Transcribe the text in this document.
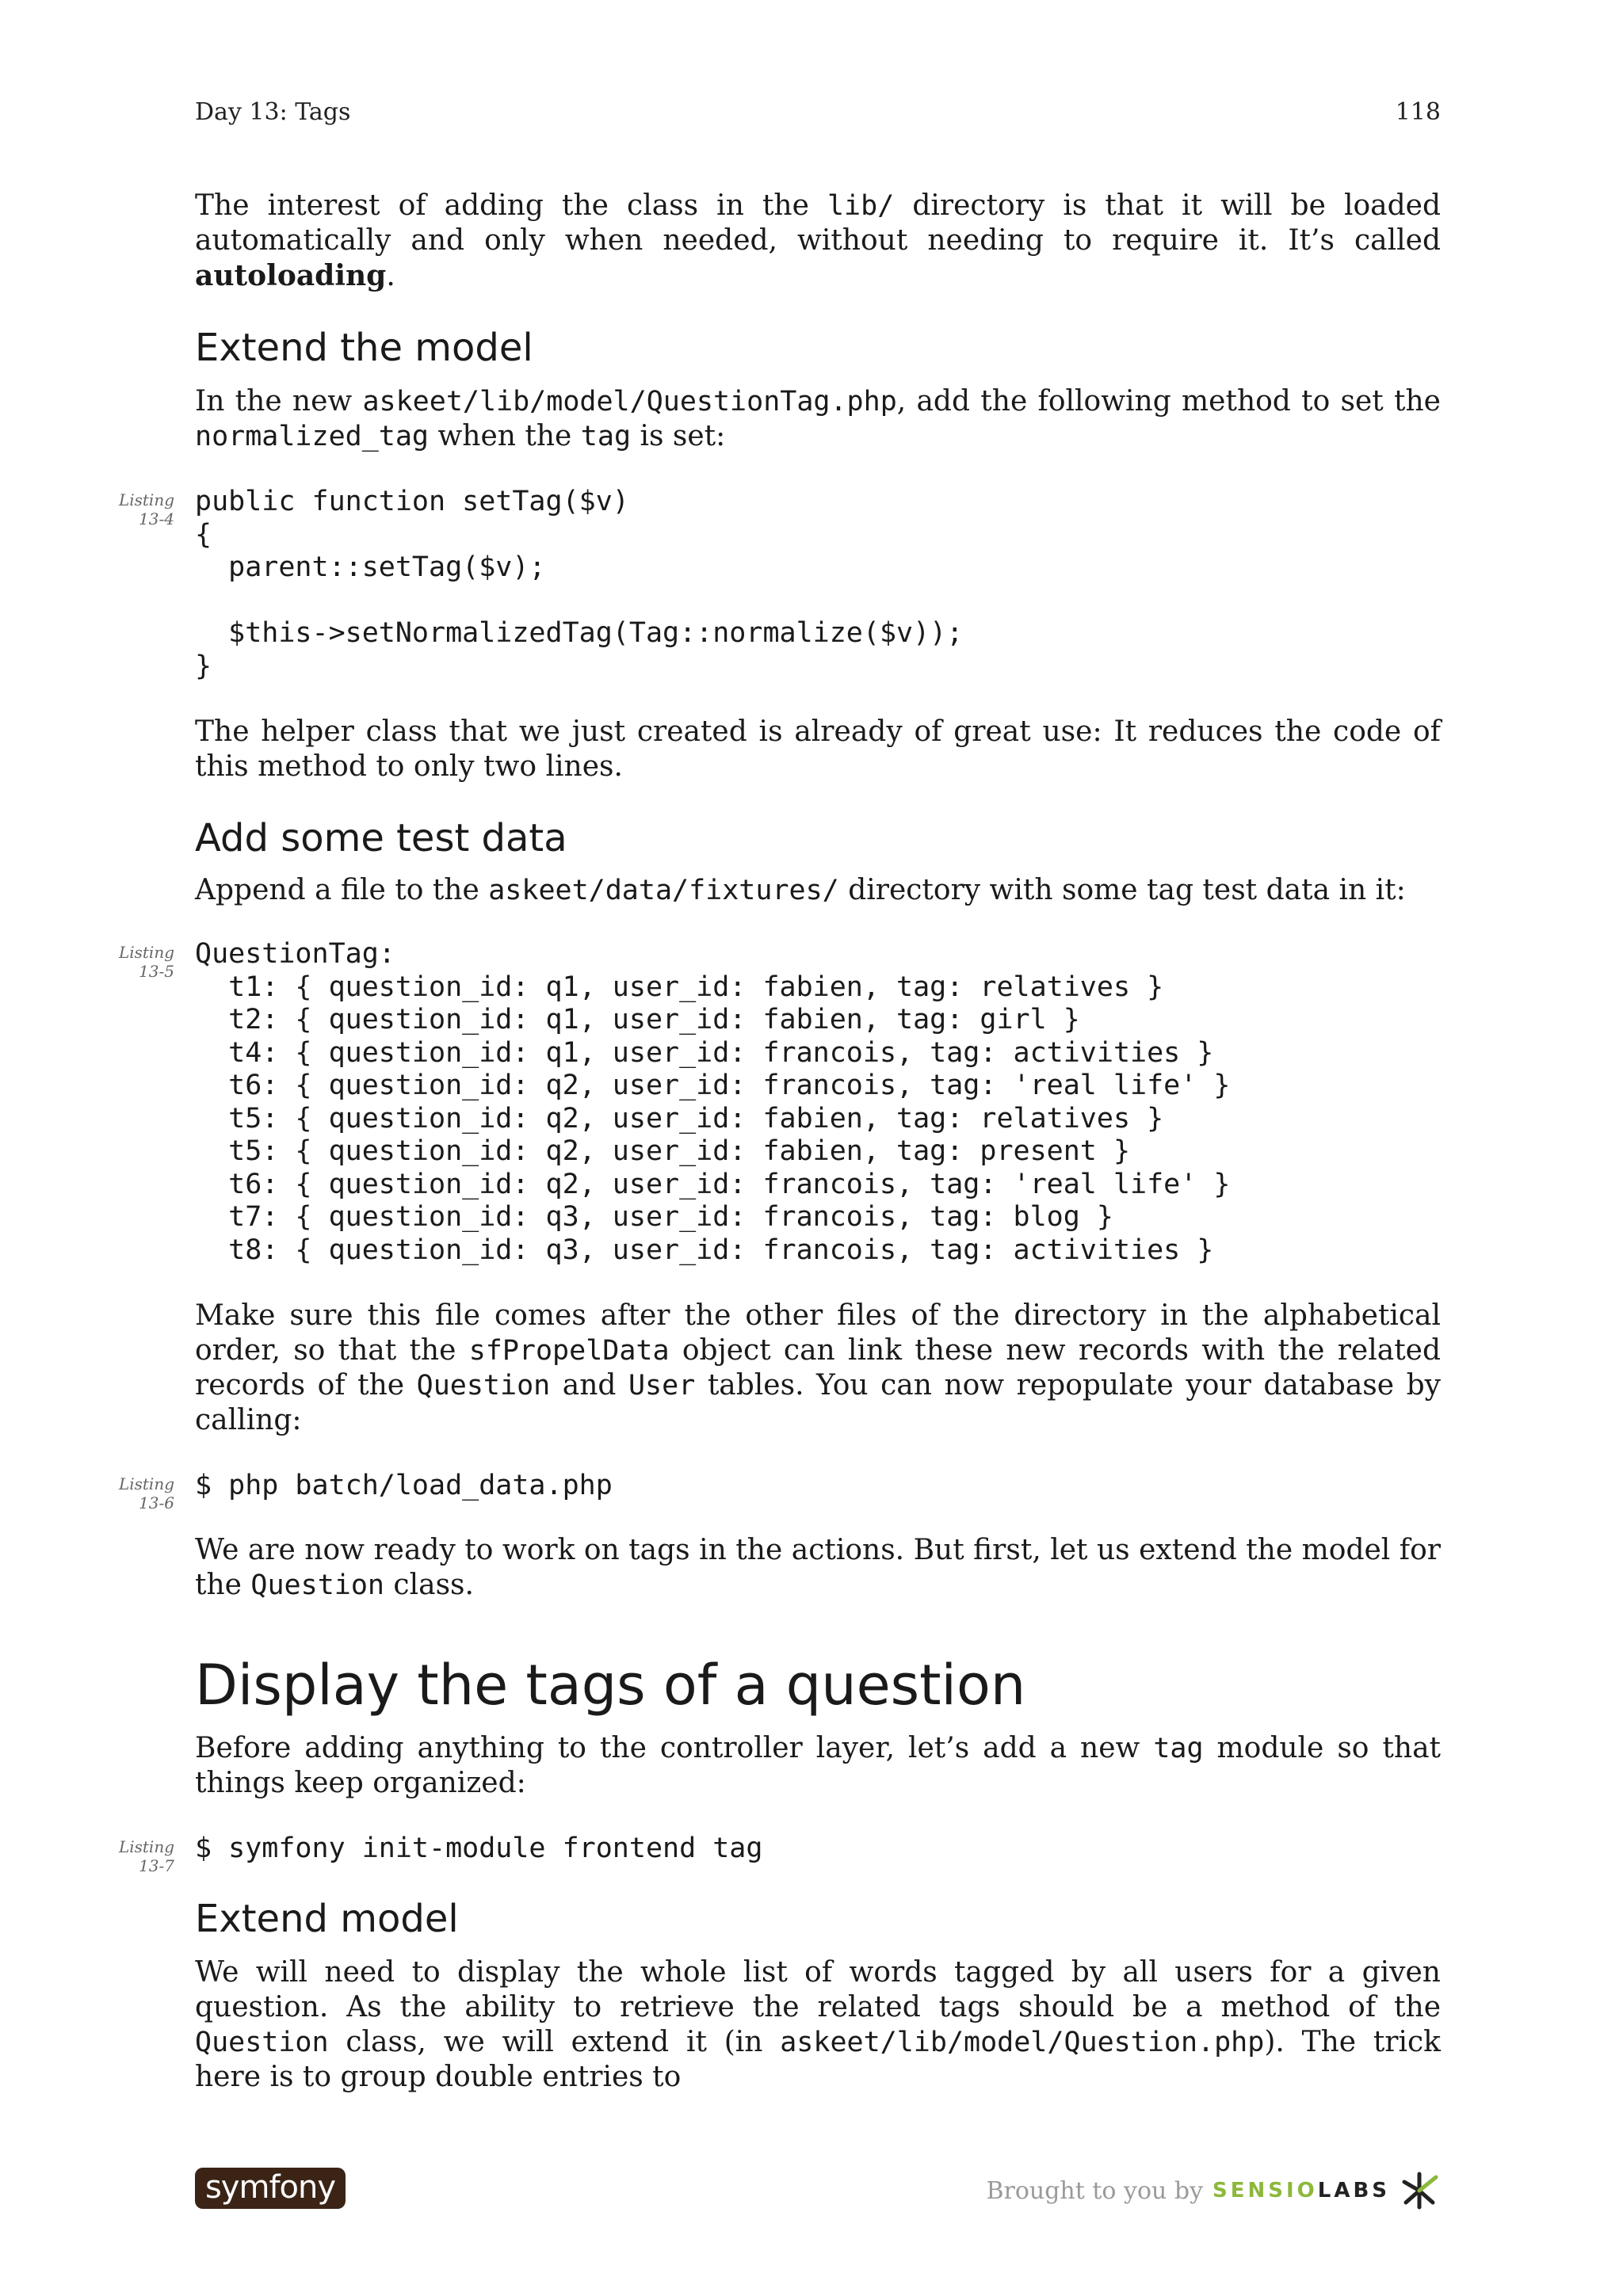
Day 13: Tags	118

The interest of adding the class in the lib/ directory is that it will be loaded automatically and only when needed, without needing to require it. It’s called autoloading.

Extend the model

In the new askeet/lib/model/QuestionTag.php, add the following method to set the normalized_tag when the tag is set:

Listing
13-4
public function setTag($v)
{
parent::setTag($v);

$this->setNormalizedTag(Tag::normalize($v));
}

The helper class that we just created is already of great use: It reduces the code of this method to only two lines.

Add some test data

Append a file to the askeet/data/fixtures/ directory with some tag test data in it:

Listing
13-5
QuestionTag:
t1: { question_id: q1, user_id: fabien, tag: relatives }
t2: { question_id: q1, user_id: fabien, tag: girl }
t4: { question_id: q1, user_id: francois, tag: activities }
t6: { question_id: q2, user_id: francois, tag: 'real life' }
t5: { question_id: q2, user_id: fabien, tag: relatives }
t5: { question_id: q2, user_id: fabien, tag: present }
t6: { question_id: q2, user_id: francois, tag: 'real life' }
t7: { question_id: q3, user_id: francois, tag: blog }
t8: { question_id: q3, user_id: francois, tag: activities }

Make sure this file comes after the other files of the directory in the alphabetical order, so that the sfPropelData object can link these new records with the related records of the Question and User tables. You can now repopulate your database by calling:

Listing
13-6
$ php batch/load_data.php

We are now ready to work on tags in the actions. But first, let us extend the model for the Question class.

Display the tags of a question

Before adding anything to the controller layer, let’s add a new tag module so that things keep organized:

Listing
13-7
$ symfony init-module frontend tag
Extend model

We will need to display the whole list of words tagged by all users for a given question. As the ability to retrieve the related tags should be a method of the Question class, we will extend it (in askeet/lib/model/Question.php). The trick here is to group double entries to

symfony	Brought to you by SENSIO LABS
